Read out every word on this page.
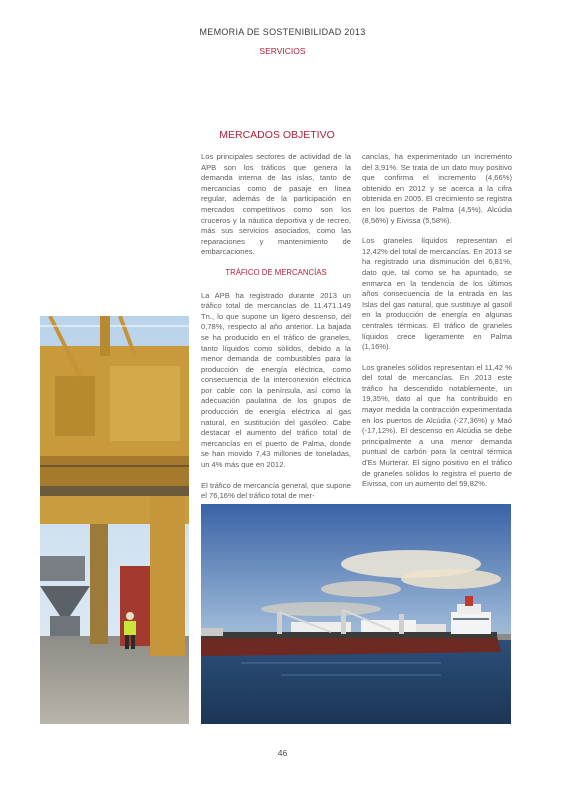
MEMORIA DE SOSTENIBILIDAD 2013
SERVICIOS
MERCADOS OBJETIVO

Los principales sectores de actividad de la APB son los tráficos que genera la demanda interna de las islas, tanto de mercancías como de pasaje en línea regular, además de la participación en mercados competitivos como son los cruceros y la náutica deportiva y de recreo, más sus servicios asociados, como las reparaciones y mantenimiento de embarcaciones.

TRÁFICO DE MERCANCÍAS

La APB ha registrado durante 2013 un tráfico total de mercancías de 11.471.149 Tn., lo que supone un ligero descenso, del 0,78%, respecto al año anterior. La bajada se ha producido en el tráfico de graneles, tanto líquidos como sólidos, debido a la menor demanda de combustibles para la producción de energía eléctrica, como consecuencia de la interconexión eléctrica por cable con la península, así como la adecuación paulatina de los grupos de producción de energía eléctrica al gas natural, en sustitución del gasóleo. Cabe destacar el aumento del tráfico total de mercancías en el puerto de Palma, donde se han movido 7,43 millones de toneladas, un 4% más que en 2012.

El tráfico de mercancía general, que supone el 76,16% del tráfico total de mer-

cancías, ha experimentado un incremento del 3,91%. Se trata de un dato muy positivo que confirma el incremento (4,66%) obtenido en 2012 y se acerca a la cifra obtenida en 2005. El crecimiento se registra en los puertos de Palma (4,5%), Alcúdia (8,56%) y Eivissa (5,58%).

Los graneles líquidos representan el 12,42% del total de mercancías. En 2013 se ha registrado una disminución del 6,81%, dato que, tal como se ha apuntado, se enmarca en la tendencia de los últimos años consecuencia de la entrada en las Islas del gas natural, que sustituye al gasoil en la producción de energía en algunas centrales térmicas. El tráfico de graneles líquidos crece ligeramente en Palma (1,16%).

Los graneles sólidos representan el 11,42 % del total de mercancías. En 2013 este tráfico ha descendido notablemente, un 19,35%, dato al que ha contribuido en mayor medida la contracción experimentada en los puertos de Alcúdia (-27,36%) y Maó (-17,12%). El descenso en Alcúdia se debe principalmente a una menor demanda puntual de carbón para la central térmica d'Es Murterar. El signo positivo en el tráfico de graneles sólidos lo registra el puerto de Eivissa, con un aumento del 59,82%.

46
